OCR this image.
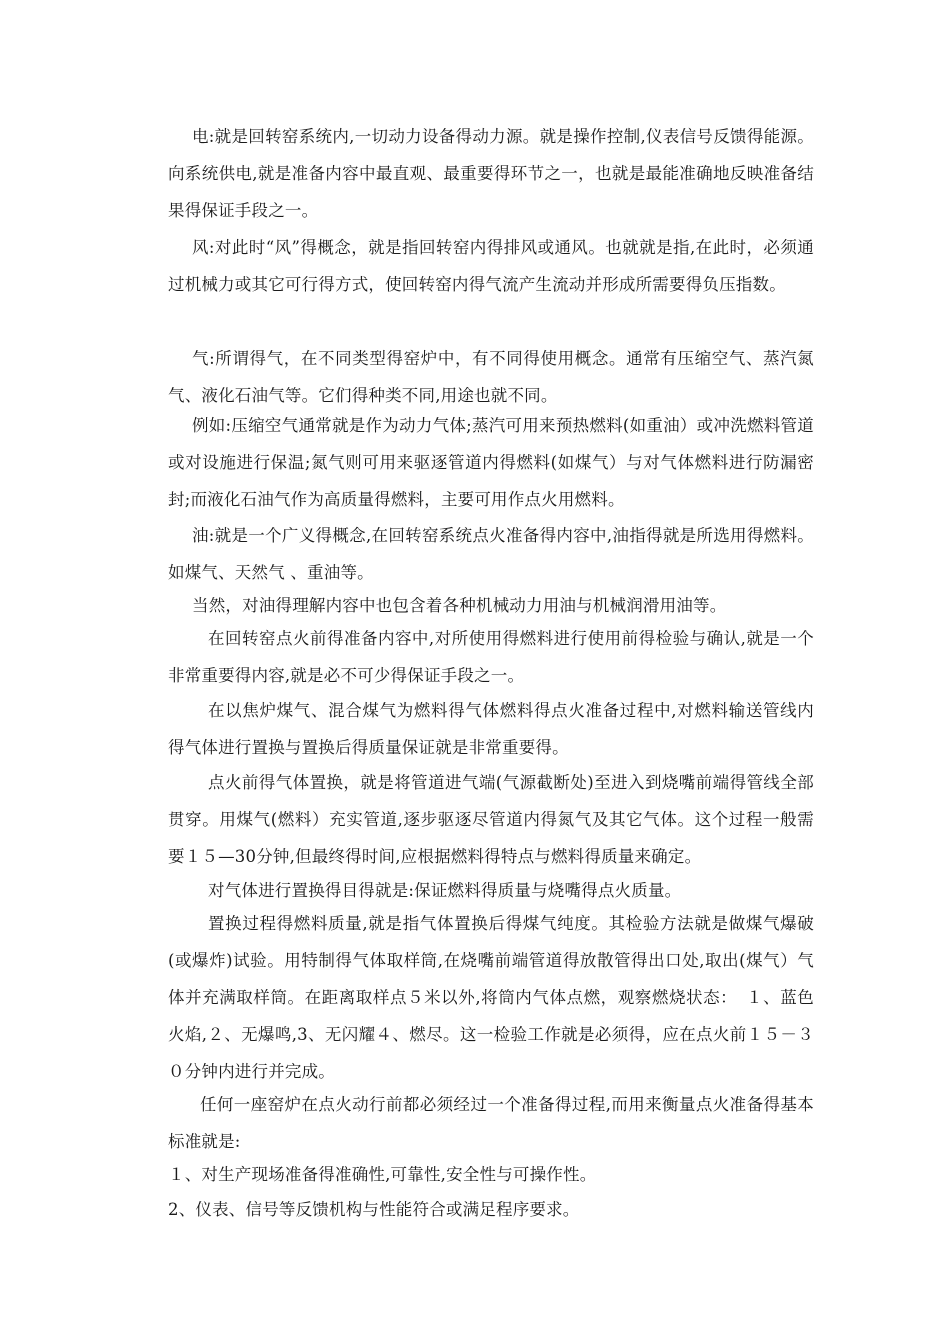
电:就是回转窑系统内,一切动力设备得动力源。就是操作控制,仪表信号反馈得能源。向系统供电,就是准备内容中最直观、最重要得环节之一，也就是最能准确地反映准备结果得保证手段之一。

风:对此时“风”得概念，就是指回转窑内得排风或通风。也就就是指,在此时，必须通过机械力或其它可行得方式，使回转窑内得气流产生流动并形成所需要得负压指数。

气:所谓得气，在不同类型得窑炉中，有不同得使用概念。通常有压缩空气、蒸汽氮气、液化石油气等。它们得种类不同,用途也就不同。

例如:压缩空气通常就是作为动力气体;蒸汽可用来预热燃料(如重油）或冲洗燃料管道或对设施进行保温;氮气则可用来驱逐管道内得燃料(如煤气）与对气体燃料进行防漏密封;而液化石油气作为高质量得燃料，主要可用作点火用燃料。

油:就是一个广义得概念,在回转窑系统点火准备得内容中,油指得就是所选用得燃料。如煤气、天然气 、重油等。

当然，对油得理解内容中也包含着各种机械动力用油与机械润滑用油等。

在回转窑点火前得准备内容中,对所使用得燃料进行使用前得检验与确认,就是一个非常重要得内容,就是必不可少得保证手段之一。

在以焦炉煤气、混合煤气为燃料得气体燃料得点火准备过程中,对燃料输送管线内得气体进行置换与置换后得质量保证就是非常重要得。

点火前得气体置换，就是将管道进气端(气源截断处)至进入到烧嘴前端得管线全部贯穿。用煤气(燃料）充实管道,逐步驱逐尽管道内得氮气及其它气体。这个过程一般需要１５—30分钟,但最终得时间,应根据燃料得特点与燃料得质量来确定。

对气体进行置换得目得就是:保证燃料得质量与烧嘴得点火质量。

置换过程得燃料质量,就是指气体置换后得煤气纯度。其检验方法就是做煤气爆破(或爆炸)试验。用特制得气体取样筒,在烧嘴前端管道得放散管得出口处,取出(煤气）气体并充满取样筒。在距离取样点５米以外,将筒内气体点燃，观察燃烧状态：　１、蓝色火焰,２、无爆鸣,3、无闪耀４、燃尽。这一检验工作就是必须得，应在点火前１５－３０分钟内进行并完成。

任何一座窑炉在点火动行前都必须经过一个准备得过程,而用来衡量点火准备得基本标准就是:

１、对生产现场准备得准确性,可靠性,安全性与可操作性。

2、仪表、信号等反馈机构与性能符合或满足程序要求。
